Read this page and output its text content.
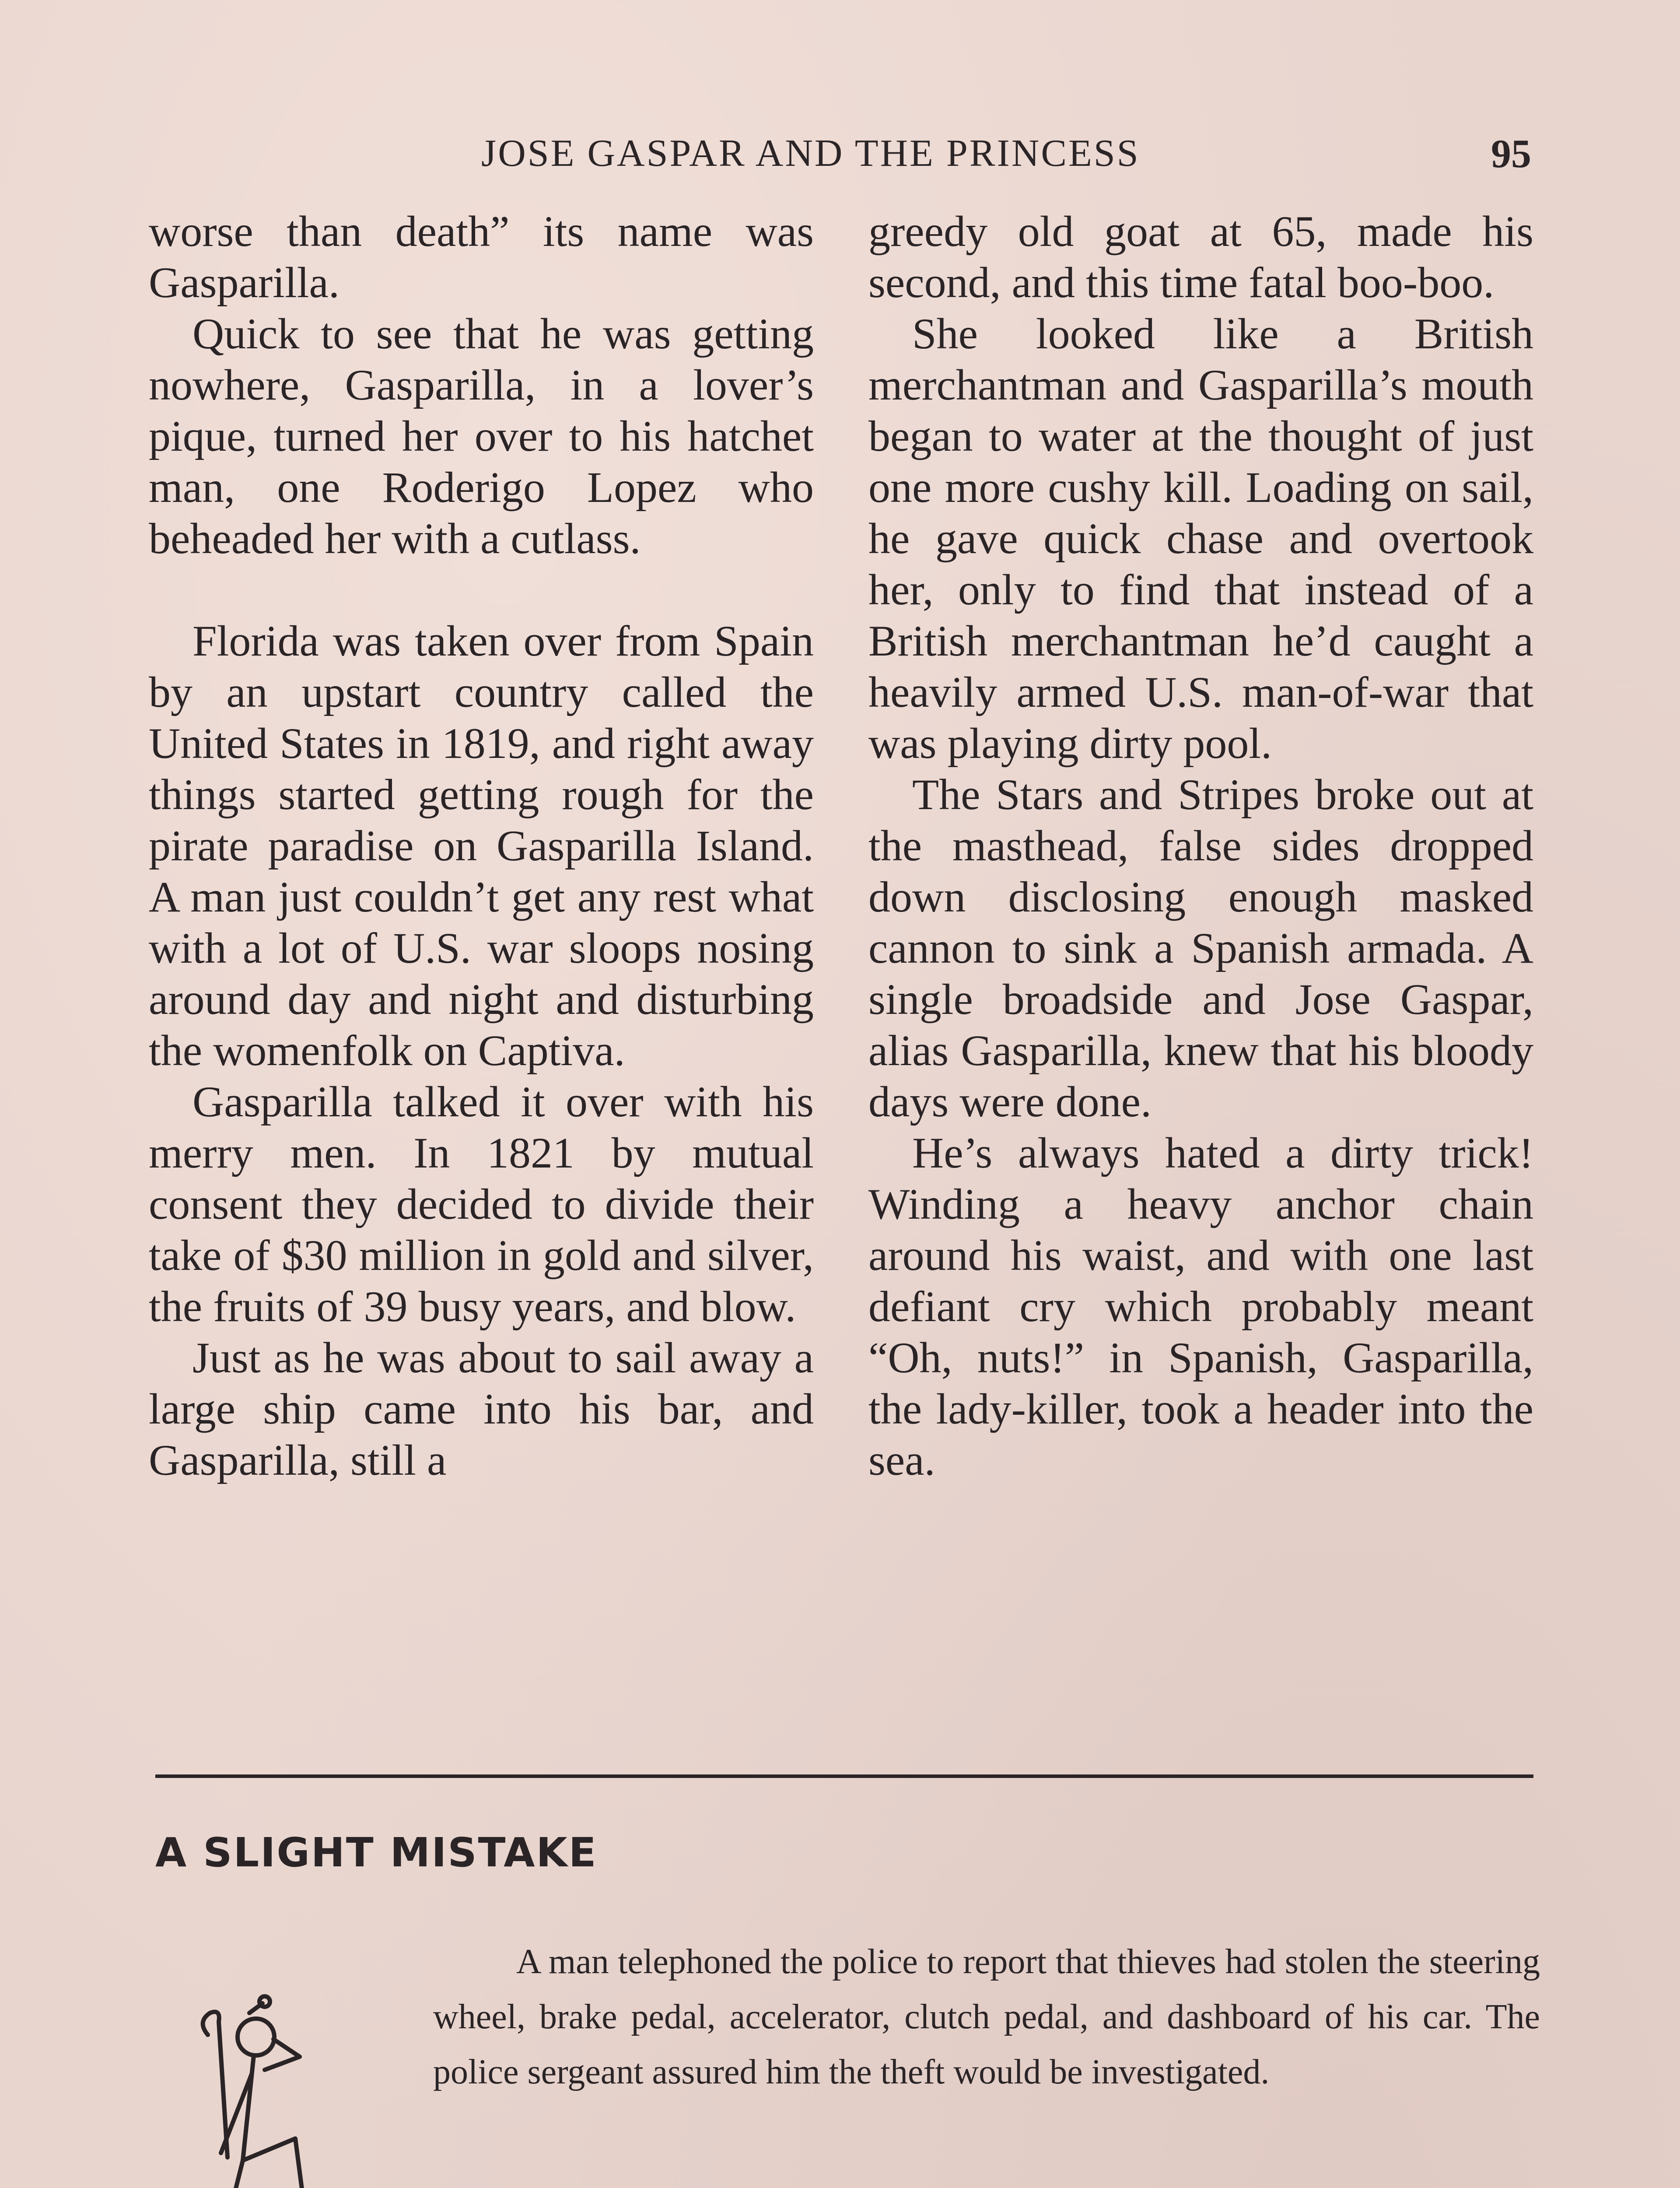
JOSE GASPAR AND THE PRINCESS	95

worse than death” its name was Gasparilla.

Quick to see that he was getting nowhere, Gasparilla, in a lover’s pique, turned her over to his hatchet man, one Roderigo Lopez who beheaded her with a cutlass.

Florida was taken over from Spain by an upstart country called the United States in 1819, and right away things started getting rough for the pirate paradise on Gasparilla Island. A man just couldn’t get any rest what with a lot of U.S. war sloops nosing around day and night and disturbing the womenfolk on Captiva.

Gasparilla talked it over with his merry men. In 1821 by mutual consent they decided to divide their take of $30 million in gold and silver, the fruits of 39 busy years, and blow.

Just as he was about to sail away a large ship came into his bar, and Gasparilla, still a

greedy old goat at 65, made his second, and this time fatal boo-boo.

She looked like a British merchantman and Gasparilla’s mouth began to water at the thought of just one more cushy kill. Loading on sail, he gave quick chase and overtook her, only to find that instead of a British merchantman he’d caught a heavily armed U.S. man-of-war that was playing dirty pool.

The Stars and Stripes broke out at the masthead, false sides dropped down disclosing enough masked cannon to sink a Spanish armada. A single broadside and Jose Gaspar, alias Gasparilla, knew that his bloody days were done.

He’s always hated a dirty trick! Winding a heavy anchor chain around his waist, and with one last defiant cry which probably meant “Oh, nuts!” in Spanish, Gasparilla, the lady-killer, took a header into the sea.

A SLIGHT MISTAKE

A man telephoned the police to report that thieves had stolen the steering wheel, brake pedal, accelerator, clutch pedal, and dashboard of his car. The police sergeant assured him the theft would be investigated.
